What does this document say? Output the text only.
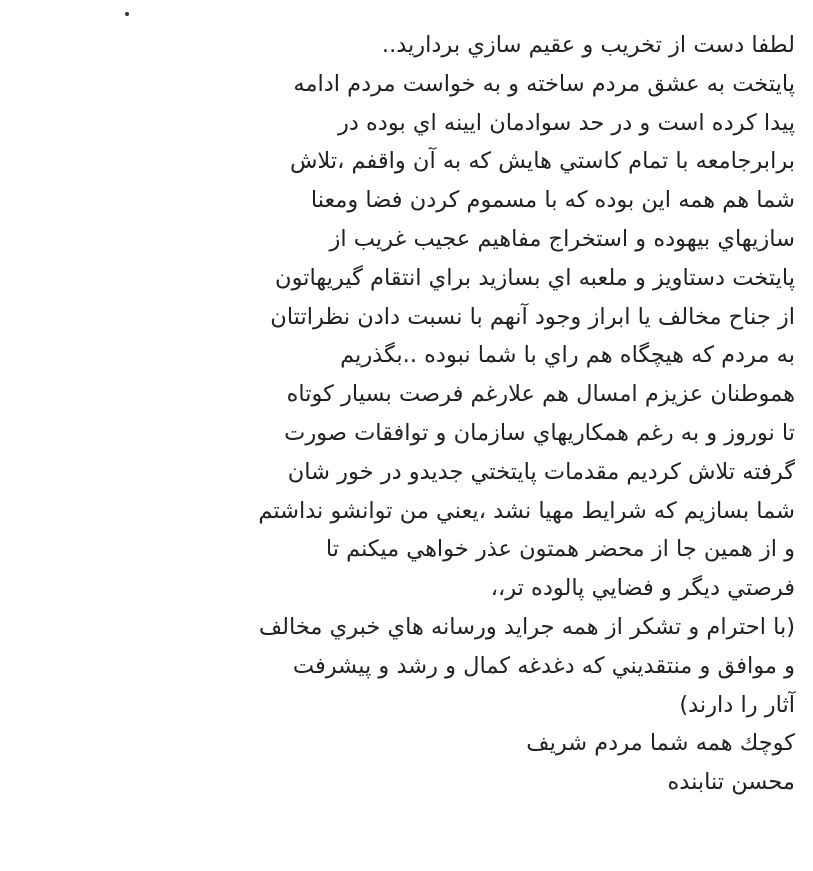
لطفا دست از تخریب و عقیم سازي بردارید..
پایتخت به عشق مردم ساخته و به خواست مردم ادامه
پیدا کرده است و در حد سوادمان ایینه اي بوده در
برابرجامعه با تمام کاستي هایش که به آن واقفم ،تلاش
شما هم همه این بوده که با مسموم کردن فضا ومعنا
سازیهاي بیهوده و استخراج مفاهیم عجیب غریب از
پایتخت دستاویز و ملعبه اي بسازید براي انتقام گیریهاتون
از جناح مخالف یا ابراز وجود آنهم با نسبت دادن نظراتتان
به مردم که هیچگاه هم راي با شما نبوده ..بگذریم
هموطنان عزیزم امسال هم علارغم فرصت بسیار کوتاه
تا نوروز و به رغم همکاریهاي سازمان و توافقات صورت
گرفته تلاش کردیم مقدمات پایتختي جدیدو در خور شان
شما بسازیم که شرایط مهیا نشد ،یعني من توانشو نداشتم
و از همین جا از محضر همتون عذر خواهي میکنم تا
فرصتي دیگر و فضایي پالوده تر،،
(با احترام و تشکر از همه جراید ورسانه هاي خبري مخالف
و موافق و منتقدیني که دغدغه کمال و رشد و پیشرفت
آثار را دارند)
کوچك همه شما مردم شریف
محسن تنابنده
